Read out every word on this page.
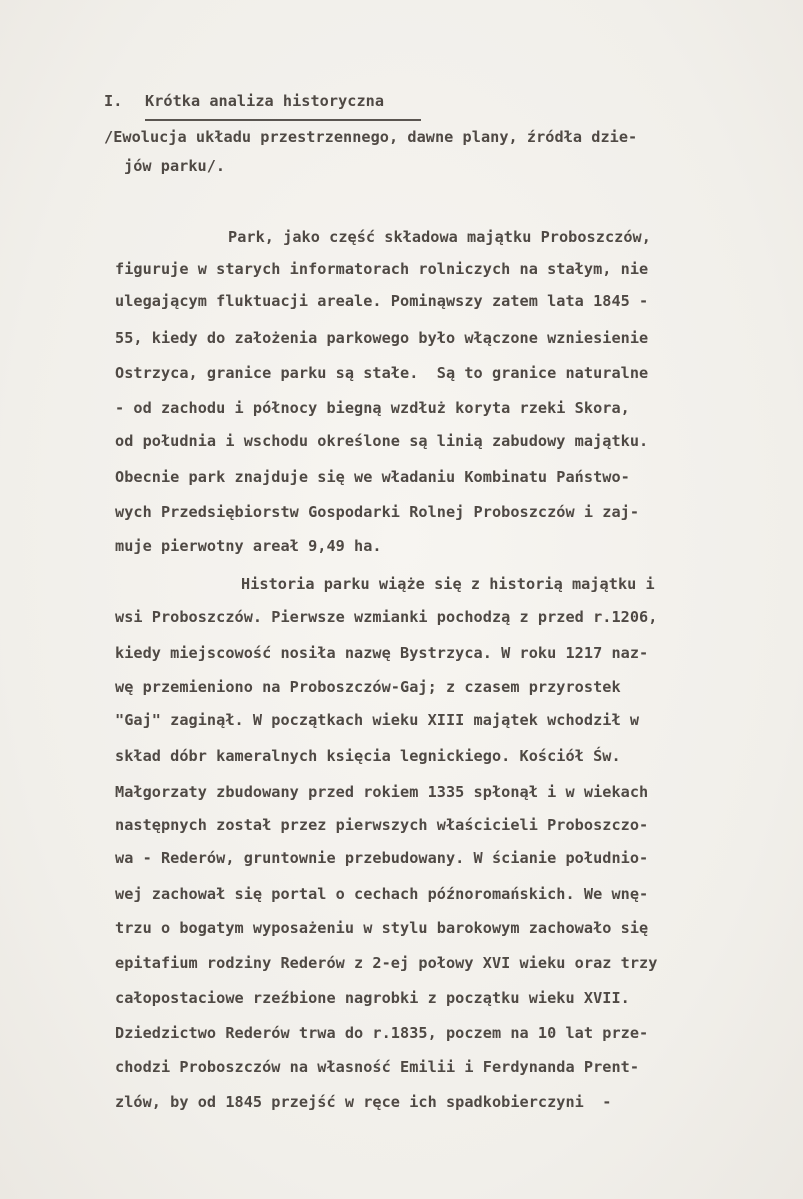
I. Krótka analiza historyczna
/Ewolucja układu przestrzennego, dawne plany, źródła dzie-
jów parku/.
Park, jako część składowa majątku Proboszczów,
figuruje w starych informatorach rolniczych na stałym, nie
ulegającym fluktuacji areale. Pominąwszy zatem lata 1845 -
55, kiedy do założenia parkowego było włączone wzniesienie
Ostrzyca, granice parku są stałe.  Są to granice naturalne
- od zachodu i północy biegną wzdłuż koryta rzeki Skora,
od południa i wschodu określone są linią zabudowy majątku.
Obecnie park znajduje się we władaniu Kombinatu Państwo-
wych Przedsiębiorstw Gospodarki Rolnej Proboszczów i zaj-
muje pierwotny areał 9,49 ha.
Historia parku wiąże się z historią majątku i
wsi Proboszczów. Pierwsze wzmianki pochodzą z przed r.1206,
kiedy miejscowość nosiła nazwę Bystrzyca. W roku 1217 naz-
wę przemieniono na Proboszczów-Gaj; z czasem przyrostek
"Gaj" zaginął. W początkach wieku XIII majątek wchodził w
skład dóbr kameralnych księcia legnickiego. Kościół Św.
Małgorzaty zbudowany przed rokiem 1335 spłonął i w wiekach
następnych został przez pierwszych właścicieli Proboszczo-
wa - Rederów, gruntownie przebudowany. W ścianie południo-
wej zachował się portal o cechach późnoromańskich. We wnę-
trzu o bogatym wyposażeniu w stylu barokowym zachowało się
epitafium rodziny Rederów z 2-ej połowy XVI wieku oraz trzy
całopostaciowe rzeźbione nagrobki z początku wieku XVII.
Dziedzictwo Rederów trwa do r.1835, poczem na 10 lat prze-
chodzi Proboszczów na własność Emilii i Ferdynanda Prent-
zlów, by od 1845 przejść w ręce ich spadkobierczyni  -
